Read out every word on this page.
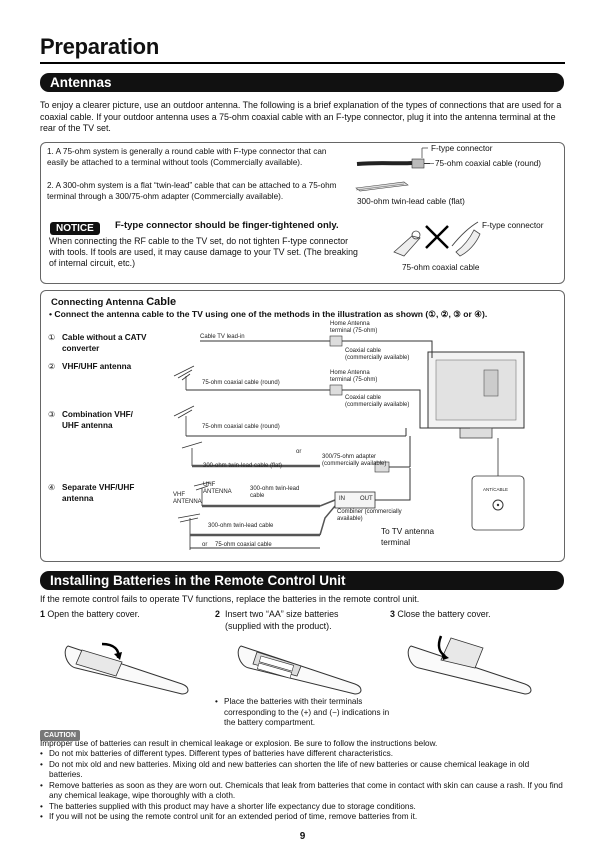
Preparation
Antennas
To enjoy a clearer picture, use an outdoor antenna. The following is a brief explanation of the types of connections that are used for a coaxial cable. If your outdoor antenna uses a 75-ohm coaxial cable with an F-type connector, plug it into the antenna terminal at the rear of the TV set.
1. A 75-ohm system is generally a round cable with F-type connector that can easily be attached to a terminal without tools (Commercially available).
2. A 300-ohm system is a flat “twin-lead” cable that can be attached to a 75-ohm terminal through a 300/75-ohm adapter (Commercially available).
F-type connector
75-ohm coaxial cable (round)
300-ohm twin-lead cable (flat)
NOTICE	F-type connector should be finger-tightened only.
When connecting the RF cable to the TV set, do not tighten F-type connector with tools. If tools are used, it may cause damage to your TV set. (The breaking of internal circuit, etc.)
F-type connector
75-ohm coaxial cable
Connecting Antenna Cable
• Connect the antenna cable to the TV using one of the methods in the illustration as shown (①, ②, ③ or ④).
① Cable without a CATV converter
② VHF/UHF antenna
③ Combination VHF/ UHF antenna
④ Separate VHF/UHF antenna
Cable TV lead-in
Home Antenna terminal (75-ohm)
Coaxial cable (commercially available)
75-ohm coaxial cable (round)
Home Antenna terminal (75-ohm)
Coaxial cable (commercially available)
75-ohm coaxial cable (round)
or
300/75-ohm adapter (commercially available)
300-ohm twin-lead cable (flat)
UHF ANTENNA
VHF ANTENNA
300-ohm twin-lead cable
300-ohm twin-lead cable
or 75-ohm coaxial cable
IN	OUT
Combiner (commercially available)
To TV antenna terminal
ANT/CABLE
Installing Batteries in the Remote Control Unit
If the remote control fails to operate TV functions, replace the batteries in the remote control unit.
1 Open the battery cover.	2 Insert two “AA” size batteries (supplied with the product).
3 Close the battery cover.
• Place the batteries with their terminals corresponding to the (+) and (−) indications in the battery compartment.
CAUTION
Improper use of batteries can result in chemical leakage or explosion. Be sure to follow the instructions below.
• Do not mix batteries of different types. Different types of batteries have different characteristics.
• Do not mix old and new batteries. Mixing old and new batteries can shorten the life of new batteries or cause chemical leakage in old batteries.
• Remove batteries as soon as they are worn out. Chemicals that leak from batteries that come in contact with skin can cause a rash. If you find any chemical leakage, wipe thoroughly with a cloth.
• The batteries supplied with this product may have a shorter life expectancy due to storage conditions.
• If you will not be using the remote control unit for an extended period of time, remove batteries from it.
9
